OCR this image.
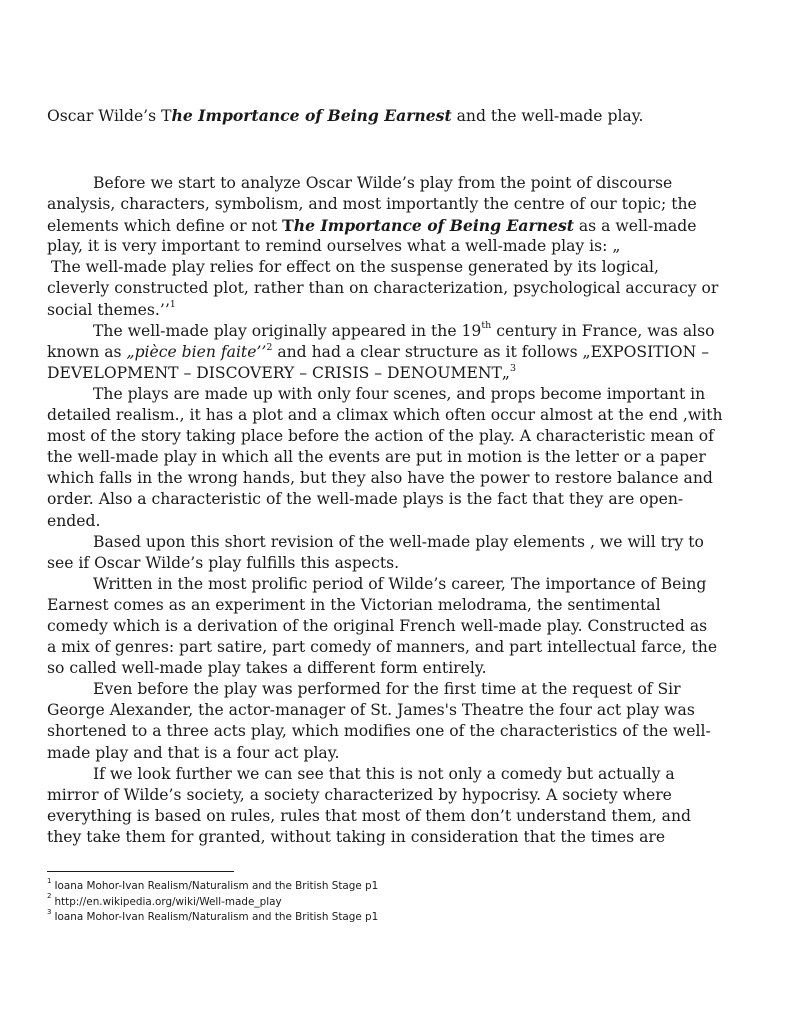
Oscar Wilde’s The Importance of Being Earnest and the well-made play.
Before we start to analyze Oscar Wilde’s play from the point of discourse
analysis, characters, symbolism, and most importantly the centre of our topic; the
elements which define or not The Importance of Being Earnest as a well-made
play, it is very important to remind ourselves what a well-made play is: „
The well-made play relies for effect on the suspense generated by its logical,
cleverly constructed plot, rather than on characterization, psychological accuracy or
social themes.’’$^1$
The well-made play originally appeared in the 19th century in France, was also
known as „pièce bien faite’’$^2$ and had a clear structure as it follows „EXPOSITION –
DEVELOPMENT – DISCOVERY – CRISIS – DENOUMENT„$^3$
The plays are made up with only four scenes, and props become important in
detailed realism., it has a plot and a climax which often occur almost at the end ,with
most of the story taking place before the action of the play. A characteristic mean of
the well-made play in which all the events are put in motion is the letter or a paper
which falls in the wrong hands, but they also have the power to restore balance and
order. Also a characteristic of the well-made plays is the fact that they are open-
ended.
Based upon this short revision of the well-made play elements , we will try to
see if Oscar Wilde’s play fulfills this aspects.
Written in the most prolific period of Wilde’s career, The importance of Being
Earnest comes as an experiment in the Victorian melodrama, the sentimental
comedy which is a derivation of the original French well-made play. Constructed as
a mix of genres: part satire, part comedy of manners, and part intellectual farce, the
so called well-made play takes a different form entirely.
Even before the play was performed for the first time at the request of Sir
George Alexander, the actor-manager of St. James's Theatre the four act play was
shortened to a three acts play, which modifies one of the characteristics of the well-
made play and that is a four act play.
If we look further we can see that this is not only a comedy but actually a
mirror of Wilde’s society, a society characterized by hypocrisy. A society where
everything is based on rules, rules that most of them don’t understand them, and
they take them for granted, without taking in consideration that the times are
$^1$ Ioana Mohor-Ivan Realism/Naturalism and the British Stage p1
$^2$ http://en.wikipedia.org/wiki/Well-made_play
$^3$ Ioana Mohor-Ivan Realism/Naturalism and the British Stage p1
